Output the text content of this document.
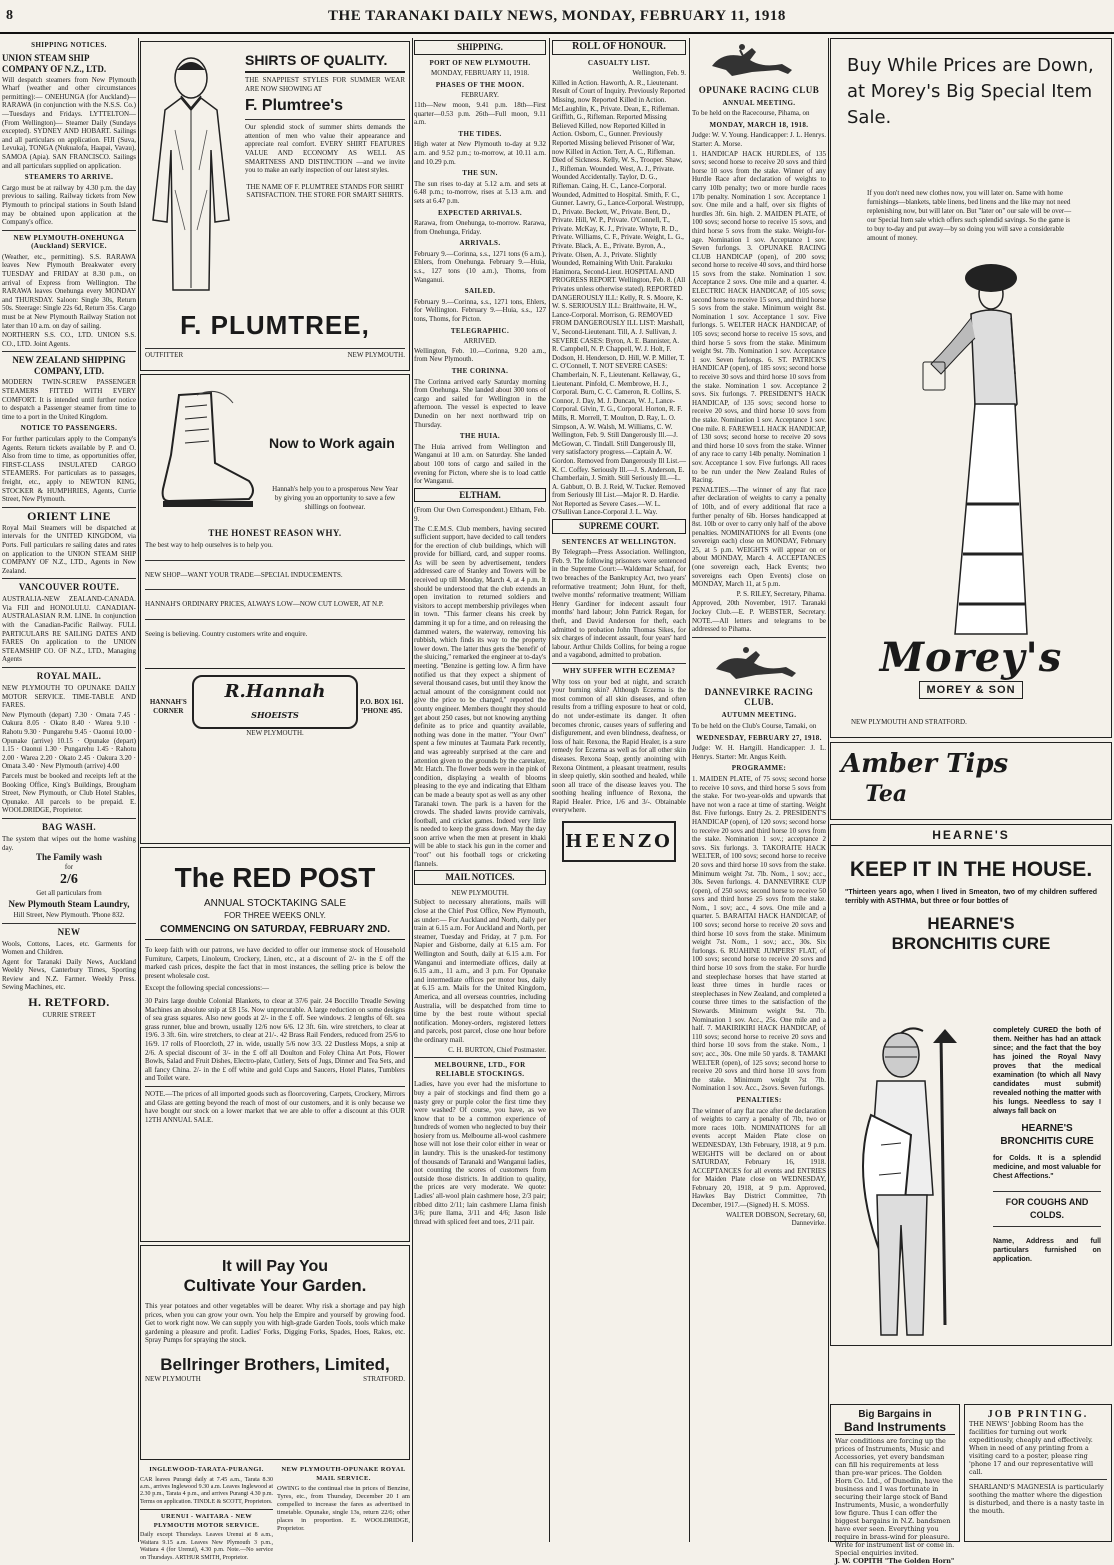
8	THE TARANAKI DAILY NEWS, MONDAY, FEBRUARY 11, 1918
SHIPPING NOTICES.
UNION STEAM SHIP COMPANY OF N.Z., LTD.

Will despatch steamers from New Plymouth Wharf (weather and other circumstances permitting):— ONEHUNGA (for Auckland)— RARAWA (in conjunction with the N.S.S. Co.)—Tuesdays and Fridays. LYTTELTON— (From Wellington)— Steamer Daily (Sundays excepted). SYDNEY AND HOBART. Sailings and all particulars on application. FIJI (Suva, Levuka), TONGA (Nukualofa, Haapai, Vavau), SAMOA (Apia). SAN FRANCISCO. Sailings and all particulars supplied on application.

STEAMERS TO ARRIVE.

Cargo must be at railway by 4.30 p.m. the day previous to sailing. Railway tickets from New Plymouth to principal stations in South Island may be obtained upon application at the Company's office.

NEW PLYMOUTH-ONEHUNGA (Auckland) SERVICE.

(Weather, etc., permitting). S.S. RARAWA leaves New Plymouth Breakwater every TUESDAY and FRIDAY at 8.30 p.m., on arrival of Express from Wellington. The RARAWA leaves Onehunga every MONDAY and THURSDAY. Saloon: Single 30s, Return 50s. Steerage: Single 22s 6d, Return 35s. Cargo must be at New Plymouth Railway Station not later than 10 a.m. on day of sailing.

NORTHERN S.S. CO., LTD. UNION S.S. CO., LTD. Joint Agents.

NEW ZEALAND SHIPPING COMPANY, LTD.

MODERN TWIN-SCREW PASSENGER STEAMERS FITTED WITH EVERY COMFORT. It is intended until further notice to despatch a Passenger steamer from time to time to a port in the United Kingdom.

NOTICE TO PASSENGERS.

For further particulars apply to the Company's Agents. Return tickets available by P. and O. Also from time to time, as opportunities offer, FIRST-CLASS INSULATED CARGO STEAMERS. For particulars as to passages, freight, etc., apply to NEWTON KING, STOCKER & HUMPHRIES, Agents, Currie Street, New Plymouth.

ORIENT LINE

Royal Mail Steamers will be dispatched at intervals for the UNITED KINGDOM, via Ports. Full particulars re sailing dates and rates on application to the UNION STEAM SHIP COMPANY OF N.Z., LTD., Agents in New Zealand.

VANCOUVER ROUTE.

AUSTRALIA-NEW ZEALAND-CANADA. Via FIJI and HONOLULU. CANADIAN-AUSTRALASIAN R.M. LINE. In conjunction with the Canadian-Pacific Railway. FULL PARTICULARS RE SAILING DATES AND FARES On application to the UNION STEAMSHIP CO. OF N.Z., LTD., Managing Agents

ROYAL MAIL.

NEW PLYMOUTH TO OPUNAKE DAILY MOTOR SERVICE. TIME-TABLE AND FARES.

New Plymouth (depart) 7.30 · Omata 7.45 · Oakura 8.05 · Okato 8.40 · Warea 9.10 · Rahotu 9.30 · Pungarehu 9.45 · Oaonui 10.00 · Opunake (arrive) 10.15 · Opunake (depart) 1.15 · Oaonui 1.30 · Pungarehu 1.45 · Rahotu 2.00 · Warea 2.20 · Okato 2.45 · Oakura 3.20 · Omata 3.40 · New Plymouth (arrive) 4.00

Parcels must be booked and receipts left at the Booking Office, King's Buildings, Brougham Street, New Plymouth, or Club Hotel Stables, Opunake. All parcels to be prepaid. E. WOOLDRIDGE, Proprietor.

BAG WASH.

The system that wipes out the home washing day.

The Family wash
for
2/6
Get all particulars from
New Plymouth Steam Laundry,
Hill Street, New Plymouth. 'Phone 832.
NEW

Wools, Cottons, Laces, etc. Garments for Women and Children.

Agent for Taranaki Daily News, Auckland Weekly News, Canterbury Times, Sporting Review and N.Z. Farmer. Weekly Press. Sewing Machines, etc.

H. RETFORD.
CURRIE STREET
SHIRTS OF QUALITY.

THE SNAPPIEST STYLES FOR SUMMER WEAR ARE NOW SHOWING AT

F. Plumtree's

Our splendid stock of summer shirts demands the attention of men who value their appearance and appreciate real comfort. EVERY SHIRT FEATURES VALUE AND ECONOMY AS WELL AS SMARTNESS AND DISTINCTION —and we invite you to make an early inspection of our latest styles.

THE NAME OF F. PLUMTREE STANDS FOR SHIRT SATISFACTION. THE STORE FOR SMART SHIRTS.

F. PLUMTREE,
OUTFITTER	NEW PLYMOUTH.
Now to Work again
Hannah's help you to a prosperous New Year by giving you an opportunity to save a few shillings on footwear.
THE HONEST REASON WHY.

The best way to help ourselves is to help you.

NEW SHOP—WANT YOUR TRADE—SPECIAL INDUCEMENTS.

HANNAH'S ORDINARY PRICES, ALWAYS LOW—NOW CUT LOWER, AT N.P.

Seeing is believing. Country customers write and enquire.

HANNAH'S CORNER
R.Hannah SHOEISTS
NEW PLYMOUTH.
P.O. BOX 161. 'PHONE 495.
The RED POST
ANNUAL STOCKTAKING SALE
FOR THREE WEEKS ONLY.
COMMENCING ON SATURDAY, FEBRUARY 2ND.

To keep faith with our patrons, we have decided to offer our immense stock of Household Furniture, Carpets, Linoleum, Crockery, Linen, etc., at a discount of 2/- in the £ off the marked cash prices, despite the fact that in most instances, the selling price is below the present wholesale cost.

Except the following special concessions:—

30 Pairs large double Colonial Blankets, to clear at 37/6 pair. 24 Boccillo Treadle Sewing Machines an absolute snip at £8 15s. Now unprocurable. A large reduction on some designs of sea grass squares. Also new goods at 2/- in the £ off. See windows. 2 lengths of 6ft. sea grass runner, blue and brown, usually 12/6 now 6/6. 12 3ft. 6in. wire stretchers, to clear at 19/6. 3 3ft. 6in. wire stretchers, to clear at 21/-. 42 Brass Rail Fenders, reduced from 25/6 to 16/9. 17 rolls of Floorcloth, 27 in. wide, usually 5/6 now 3/3. 22 Dustless Mops, a snip at 2/6. A special discount of 3/- in the £ off all Doulton and Foley China Art Pots, Flower Bowls, Salad and Fruit Dishes, Electro-plate, Cutlery, Sets of Jugs, Dinner and Tea Sets, and all fancy China. 2/- in the £ off white and gold Cups and Saucers, Hotel Plates, Tumblers and Toilet ware.

NOTE.—The prices of all imported goods such as floorcovering, Carpets, Crockery, Mirrors and Glass are getting beyond the reach of most of our customers, and it is only because we have bought our stock on a lower market that we are able to offer a discount at this OUR 12TH ANNUAL SALE.

It will Pay You
Cultivate Your Garden.

This year potatoes and other vegetables will be dearer. Why risk a shortage and pay high prices, when you can grow your own. You help the Empire and yourself by growing food. Get to work right now. We can supply you with high-grade Garden Tools, tools which make gardening a pleasure and profit. Ladies' Forks, Digging Forks, Spades, Hoes, Rakes, etc. Spray Pumps for spraying the stock.

Bellringer Brothers, Limited,
NEW PLYMOUTH	STRATFORD.
INGLEWOOD-TARATA-PURANGI.

CAR leaves Purangi daily at 7.45 a.m., Tarata 8.30 a.m., arrives Inglewood 9.30 a.m. Leaves Inglewood at 2.30 p.m., Tarata 4 p.m., and arrives Purangi 4.30 p.m. Terms on application. TINDLE & SCOTT, Proprietors.

URENUI - WAITARA - NEW PLYMOUTH MOTOR SERVICE.

Daily except Thursdays. Leaves Urenui at 8 a.m., Waitara 9.15 a.m. Leaves New Plymouth 3 p.m., Waitara 4 (for Urenui), 4.30 p.m. Note.—No service on Thursdays. ARTHUR SMITH, Proprietor.

NEW PLYMOUTH-OPUNAKE ROYAL MAIL SERVICE.

OWING to the continual rise in prices of Benzine, Tyres, etc., from Thursday, December 20 I am compelled to increase the fares as advertised in timetable. Opunake, single 13s, return 22/6; other places in proportion. E. WOOLDRIDGE, Proprietor.

SHIPPING.
PORT OF NEW PLYMOUTH.
MONDAY, FEBRUARY 11, 1918.
PHASES OF THE MOON.
FEBRUARY.

11th—New moon, 9.41 p.m. 18th—First quarter—0.53 p.m. 26th—Full moon, 9.11 a.m.

THE TIDES.

High water at New Plymouth to-day at 9.32 a.m. and 9.52 p.m.; to-morrow, at 10.11 a.m. and 10.29 p.m.

THE SUN.

The sun rises to-day at 5.12 a.m. and sets at 6.48 p.m.; to-morrow, rises at 5.13 a.m. and sets at 6.47 p.m.

EXPECTED ARRIVALS.

Rarawa, from Onehunga, to-morrow. Rarawa, from Onehunga, Friday.

ARRIVALS.

February 9.—Corinna, s.s., 1271 tons (6 a.m.), Ehlers, from Onehunga. February 9.—Huia, s.s., 127 tons (10 a.m.), Thoms, from Wanganui.

SAILED.

February 9.—Corinna, s.s., 1271 tons, Ehlers, for Wellington. February 9.—Huia, s.s., 127 tons, Thoms, for Picton.

TELEGRAPHIC.
ARRIVED.

Wellington, Feb. 10.—Corinna, 9.20 a.m., from New Plymouth.

THE CORINNA.

The Corinna arrived early Saturday morning from Onehunga. She landed about 300 tons of cargo and sailed for Wellington in the afternoon. The vessel is expected to leave Dunedin on her next northward trip on Thursday.

THE HUIA.

The Huia arrived from Wellington and Wanganui at 10 a.m. on Saturday. She landed about 100 tons of cargo and sailed in the evening for Picton, where she is to load cattle for Wanganui.

ELTHAM.

(From Our Own Correspondent.) Eltham, Feb. 9.

The C.E.M.S. Club members, having secured sufficient support, have decided to call tenders for the erection of club buildings, which will provide for billiard, card, and supper rooms. As will be seen by advertisement, tenders addressed care of Stanley and Towers will be received up till Monday, March 4, at 4 p.m. It should be understood that the club extends an open invitation to returned soldiers and visitors to accept membership privileges when in town. "This farmer cleans his creek by damming it up for a time, and on releasing the dammed waters, the waterway, removing his rubbish, which finds its way to the property lower down. The latter thus gets the 'benefit' of the sluicing," remarked the engineer at to-day's meeting. "Benzine is getting low. A firm have notified us that they expect a shipment of several thousand cases, but until they know the actual amount of the consignment could not give the price to be charged," reported the county engineer. Members thought they should get about 250 cases, but not knowing anything definite as to price and quantity available, nothing was done in the matter. "Your Own" spent a few minutes at Taumata Park recently, and was agreeably surprised at the care and attention given to the grounds by the caretaker, Mr. Hatch. The flower beds were in the pink of condition, displaying a wealth of blooms pleasing to the eye and indicating that Eltham can be made a beauty spot as well as any other Taranaki town. The park is a haven for the crowds. The shaded lawns provide carnivals, football, and cricket games. Indeed very little is needed to keep the grass down. May the day soon arrive when the men at present in khaki will be able to stack his gun in the corner and "root" out his football togs or cricketing flannels.

MAIL NOTICES.
NEW PLYMOUTH.

Subject to necessary alterations, mails will close at the Chief Post Office, New Plymouth, as under:— For Auckland and North, daily per train at 6.15 a.m. For Auckland and North, per steamer, Tuesday and Friday, at 7 p.m. For Napier and Gisborne, daily at 6.15 a.m. For Wellington and South, daily at 6.15 a.m. For Wanganui and intermediate offices, daily at 6.15 a.m., 11 a.m., and 3 p.m. For Opunake and intermediate offices per motor bus, daily at 6.15 a.m. Mails for the United Kingdom, America, and all overseas countries, including Australia, will be despatched from time to time by the best route without special notification. Money-orders, registered letters and parcels, post parcel, close one hour before the ordinary mail.

C. H. BURTON, Chief Postmaster.

MELBOURNE, LTD., FOR RELIABLE STOCKINGS.

Ladies, have you ever had the misfortune to buy a pair of stockings and find them go a nasty grey or purple color the first time they were washed? Of course, you have, as we know that to be a common experience of hundreds of women who neglected to buy their hosiery from us. Melbourne all-wool cashmere hose will not lose their color either in wear or in laundry. This is the unasked-for testimony of thousands of Taranaki and Wanganui ladies, not counting the scores of customers from outside those districts. In addition to quality, the prices are very moderate. We quote: Ladies' all-wool plain cashmere hose, 2/3 pair; ribbed ditto 2/11; lain cashmere Llama finish 3/6; pure llama, 3/11 and 4/6; Jason lisle thread with spliced feet and toes, 2/11 pair.

ROLL OF HONOUR.
CASUALTY LIST.

Wellington, Feb. 9.

Killed in Action. Haworth, A. R., Lieutenant. Result of Court of Inquiry. Previously Reported Missing, now Reported Killed in Action. McLaughlin, K., Private. Dean, E., Rifleman. Griffith, G., Rifleman. Reported Missing Believed Killed, now Reported Killed in Action. Osborn, C., Gunner. Previously Reported Missing believed Prisoner of War, now Killed in Action. Terr, A. C., Rifleman. Died of Sickness. Kelly, W. S., Trooper. Shaw, J., Rifleman. Wounded. West, A. J., Private. Wounded Accidentally. Taylor, D. G., Rifleman. Caing, H. C., Lance-Corporal. Wounded, Admitted to Hospital. Smith, F. C., Gunner. Lawry, G., Lance-Corporal. Westrupp, D., Private. Beckett, W., Private. Bent, D., Private. Hill, W. P., Private. O'Connell, T., Private. McKay, K. J., Private. Whyte, R. D., Private. Williams, C. F., Private. Weight, L. G., Private. Black, A. E., Private. Byron, A., Private. Olsen, A. J., Private. Slightly Wounded, Remaining With Unit. Parakuku Hanimora, Second-Lieut. HOSPITAL AND PROGRESS REPORT. Wellington, Feb. 8. (All Privates unless otherwise stated). REPORTED DANGEROUSLY ILL: Kelly, R. S. Moore, K. W. S. SERIOUSLY ILL: Braithwaite, H. W., Lance-Corporal. Morrison, G. REMOVED FROM DANGEROUSLY ILL LIST: Marshall, V., Second-Lieutenant. Till, A. J. Sullivan, J. SEVERE CASES: Byron, A. E. Bannister, A. R. Campbell, N. P. Chappell, W. J. Holt, F. Dodson, H. Henderson, D. Hill, W. P. Miller, T. C. O'Connell, T. NOT SEVERE CASES: Chamberlain, N. F., Lieutenant. Kellaway, G., Lieutenant. Pinfold, C. Membrowe, H. J., Corporal. Burn, C. C. Cameron, R. Collins, S. Connor, J. Day, M. J. Duncan, W. J., Lance-Corporal. Glvin, T. G., Corporal. Horton, R. F. Mills, R. Morrell, T. Moulton, D. Ray, L. O. Simpson, A. W. Walsh, M. Williams, C. W. Wellington, Feb. 9. Still Dangerously Ill.—J. McGowan, C. Tindall. Still Dangerously Ill, very satisfactory progress.—Captain A. W. Gordon. Removed from Dangerously Ill List.—K. C. Coffey. Seriously Ill.—J. S. Anderson, E. Chamberlain, J. Smith. Still Seriously Ill.—L. A. Gabbutt, O. B. J. Reid, W. Tucker. Removed from Seriously Ill List.—Major R. D. Hardie. Not Reported as Severe Cases.—W. L. O'Sullivan Lance-Corporal J. L. Way.

SUPREME COURT.
SENTENCES AT WELLINGTON.

By Telegraph—Press Association. Wellington, Feb. 9. The following prisoners were sentenced in the Supreme Court:—Waldemar Schaaf, for two breaches of the Bankruptcy Act, two years' reformative treatment; John Hunt, for theft, twelve months' reformative treatment; William Henry Gardiner for indecent assault four months' hard labour; John Patrick Regan, for theft, and David Anderson for theft, each admitted to probation John Thomas Sikes, for six charges of indecent assault, four years' hard labour. Arthur Childs Collins, for being a rogue and a vagabond, admitted to probation.

WHY SUFFER WITH ECZEMA?

Why toss on your bed at night, and scratch your burning skin? Although Eczema is the most common of all skin diseases, and often results from a trifling exposure to heat or cold, do not under-estimate its danger. It often becomes chronic, causes years of suffering and disfigurement, and even blindness, deafness, or loss of hair. Rexona, the Rapid Healer, is a sure remedy for Eczema as well as for all other skin diseases. Rexona Soap, gently anointing with Rexona Ointment, a pleasant treatment, results in sleep quietly, skin soothed and healed, while soon all trace of the disease leaves you. The soothing healing influence of Rexona, the Rapid Healer. Price, 1/6 and 3/-. Obtainable everywhere.

HEENZO
OPUNAKE RACING CLUB
ANNUAL MEETING.

To be held on the Racecourse, Pihama, on

MONDAY, MARCH 18, 1918.

Judge: W. V. Young. Handicapper: J. L. Henrys. Starter: A. Morse.

1. HANDICAP HACK HURDLES, of 135 sovs; second horse to receive 20 sovs and third horse 10 sovs from the stake. Winner of any Hurdle Race after declaration of weights to carry 10lb penalty; two or more hurdle races 17lb penalty. Nomination 1 sov. Acceptance 1 sov. One mile and a half, over six flights of hurdles 3ft. 6in. high. 2. MAIDEN PLATE, of 100 sovs; second horse to receive 15 sovs, and third horse 5 sovs from the stake. Weight-for-age. Nomination 1 sov. Acceptance 1 sov. Seven furlongs. 3. OPUNAKE RACING CLUB HANDICAP (open), of 200 sovs; second horse to receive 40 sovs, and third horse 15 sovs from the stake. Nomination 1 sov. Acceptance 2 sovs. One mile and a quarter. 4. ELECTRIC HACK HANDICAP, of 105 sovs; second horse to receive 15 sovs, and third horse 5 sovs from the stake. Minimum weight 8st. Nomination 1 sov. Acceptance 1 sov. Five furlongs. 5. WELTER HACK HANDICAP, of 105 sovs; second horse to receive 15 sovs, and third horse 5 sovs from the stake. Minimum weight 9st. 7lb. Nomination 1 sov. Acceptance 1 sov. Seven furlongs. 6. ST. PATRICK'S HANDICAP (open), of 185 sovs; second horse to receive 30 sovs and third horse 10 sovs from the stake. Nomination 1 sov. Acceptance 2 sovs. Six furlongs. 7. PRESIDENT'S HACK HANDICAP, of 135 sovs; second horse to receive 20 sovs, and third horse 10 sovs from the stake. Nomination 1 sov. Acceptance 1 sov. One mile. 8. FAREWELL HACK HANDICAP, of 130 sovs; second horse to receive 20 sovs and third horse 10 sovs from the stake. Winner of any race to carry 14lb penalty. Nomination 1 sov. Acceptance 1 sov. Five furlongs. All races to be run under the New Zealand Rules of Racing.

PENALTIES.—The winner of any flat race after declaration of weights to carry a penalty of 10lb, and of every additional flat race a further penalty of 6lb. Horses handicapped at 8st. 10lb or over to carry only half of the above penalties. NOMINATIONS for all Events (one sovereign each) close on MONDAY, February 25, at 5 p.m. WEIGHTS will appear on or about MONDAY, March 4. ACCEPTANCES (one sovereign each, Hack Events; two sovereigns each Open Events) close on MONDAY, March 11, at 5 p.m.

P. S. RILEY, Secretary, Pihama.

Approved, 20th November, 1917. Taranaki Jockey Club.—E. P. WEBSTER, Secretary. NOTE.—All letters and telegrams to be addressed to Pihama.

DANNEVIRKE RACING CLUB.
AUTUMN MEETING.

To be held on the Club's Course, Tamaki, on

WEDNESDAY, FEBRUARY 27, 1918.

Judge: W. H. Hartgill. Handicapper: J. L. Henrys. Starter: Mr. Angus Keith.

PROGRAMME:

1. MAIDEN PLATE, of 75 sovs; second horse to receive 10 sovs, and third horse 5 sovs from the stake. For two-year-olds and upwards that have not won a race at time of starting. Weight 8st. Five furlongs. Entry 2s. 2. PRESIDENT'S HANDICAP (open), of 120 sovs; second horse to receive 20 sovs and third horse 10 sovs from the stake. Nomination 1 sov.; acceptance 2 sovs. Six furlongs. 3. TAKORAITE HACK WELTER, of 100 sovs; second horse to receive 20 sovs and third horse 10 sovs from the stake. Minimum weight 7st. 7lb. Nom., 1 sov.; acc., 30s. Seven furlongs. 4. DANNEVIRKE CUP (open), of 250 sovs; second horse to receive 50 sovs and third horse 25 sovs from the stake. Nom., 1 sov; acc., 4 sovs. One mile and a quarter. 5. BARAITAI HACK HANDICAP, of 100 sovs; second horse to receive 20 sovs and third horse 10 sovs from the stake. Minimum weight 7st. Nom., 1 sov.; acc., 30s. Six furlongs. 6. RUAHINE JUMPERS' FLAT, of 100 sovs; second horse to receive 20 sovs and third horse 10 sovs from the stake. For hurdle and steeplechase horses that have started at least three times in hurdle races or steeplechases in New Zealand, and completed a course three times to the satisfaction of the Stewards. Minimum weight 9st. 7lb. Nomination 1 sov. Acc., 25s. One mile and a half. 7. MAKIRIKIRI HACK HANDICAP, of 110 sovs; second horse to receive 20 sovs and third horse 10 sovs from the stake. Nom., 1 sov; acc., 30s. One mile 50 yards. 8. TAMAKI WELTER (open), of 125 sovs; second horse to receive 20 sovs and third horse 10 sovs from the stake. Minimum weight 7st 7lb. Nomination 1 sov. Acc., 2sovs. Seven furlongs.

PENALTIES:

The winner of any flat race after the declaration of weights to carry a penalty of 7lb, two or more races 10lb. NOMINATIONS for all events accept Maiden Plate close on WEDNESDAY, 13th February, 1918, at 9 p.m. WEIGHTS will be declared on or about SATURDAY, February 16, 1918. ACCEPTANCES for all events and ENTRIES for Maiden Plate close on WEDNESDAY, February 20, 1918, at 9 p.m. Approved, Hawkes Bay District Committee, 7th December, 1917.—(Signed) H. S. MOSS.

WALTER DOBSON, Secretary, 60, Dannevirke.

Buy While Prices are Down, at Morey's Big Special Item Sale.
If you don't need new clothes now, you will later on. Same with home furnishings—blankets, table linens, bed linens and the like may not need replenishing now, but will later on. But "later on" our sale will be over—our Special Item sale which offers such splendid savings. So the game is to buy to-day and put away—by so doing you will save a considerable amount of money.
Morey's
MOREY & SON
NEW PLYMOUTH AND STRATFORD.
Amber Tips
Tea
HEARNE'S
KEEP IT IN THE HOUSE.
"Thirteen years ago, when I lived in Smeaton, two of my children suffered terribly with ASTHMA, but three or four bottles of
HEARNE'S
BRONCHITIS CURE

completely CURED the both of them. Neither has had an attack since; and the fact that the boy has joined the Royal Navy proves that the medical examination (to which all Navy candidates must submit) revealed nothing the matter with his lungs. Needless to say I always fall back on

HEARNE'S BRONCHITIS CURE

for Colds. It is a splendid medicine, and most valuable for Chest Affections."

FOR COUGHS AND COLDS.

Name, Address and full particulars furnished on application.

Big Bargains in
Band Instruments

War conditions are forcing up the prices of Instruments, Music and Accessories, yet every bandsman can fill his requirements at less than pre-war prices. The Golden Horn Co. Ltd., of Dunedin, have the business and I was fortunate in securing their large stock of Band Instruments, Music, a wonderfully low figure. Thus I can offer the biggest bargains in N.Z. bandsmen have ever seen. Everything you require in brass-wind for pleasure. Write for instrument list or come in. Special enquiries invited.

J. W. COPITH "The Golden Horn"

JOB PRINTING.

THE NEWS' Jobbing Room has the facilities for turning out work expeditiously, cheaply and effectively. When in need of any printing from a visiting card to a poster, please ring 'phone 17 and our representative will call.

SHARLAND'S MAGNESIA is particularly soothing the matter where the digestion is disturbed, and there is a nasty taste in the mouth.
